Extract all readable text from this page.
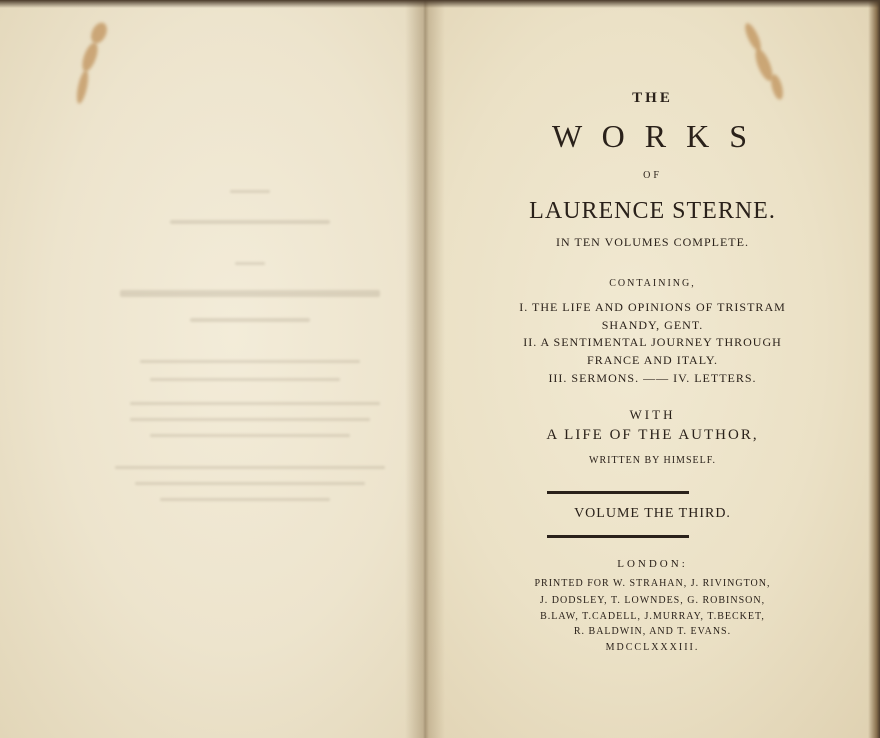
THE
W O R K S
OF
LAURENCE STERNE.
IN TEN VOLUMES COMPLETE.
CONTAINING,
I. THE LIFE AND OPINIONS OF TRISTRAM
SHANDY, GENT.
II. A SENTIMENTAL JOURNEY THROUGH
FRANCE AND ITALY.
III. SERMONS. —— IV. LETTERS.
WITH
A LIFE OF THE AUTHOR,
WRITTEN BY HIMSELF.
VOLUME THE THIRD.
LONDON:
PRINTED FOR W. STRAHAN, J. RIVINGTON,
J. DODSLEY, T. LOWNDES, G. ROBINSON,
B.LAW, T.CADELL, J.MURRAY, T.BECKET,
R. BALDWIN, AND T. EVANS.
MDCCLXXXIII.
